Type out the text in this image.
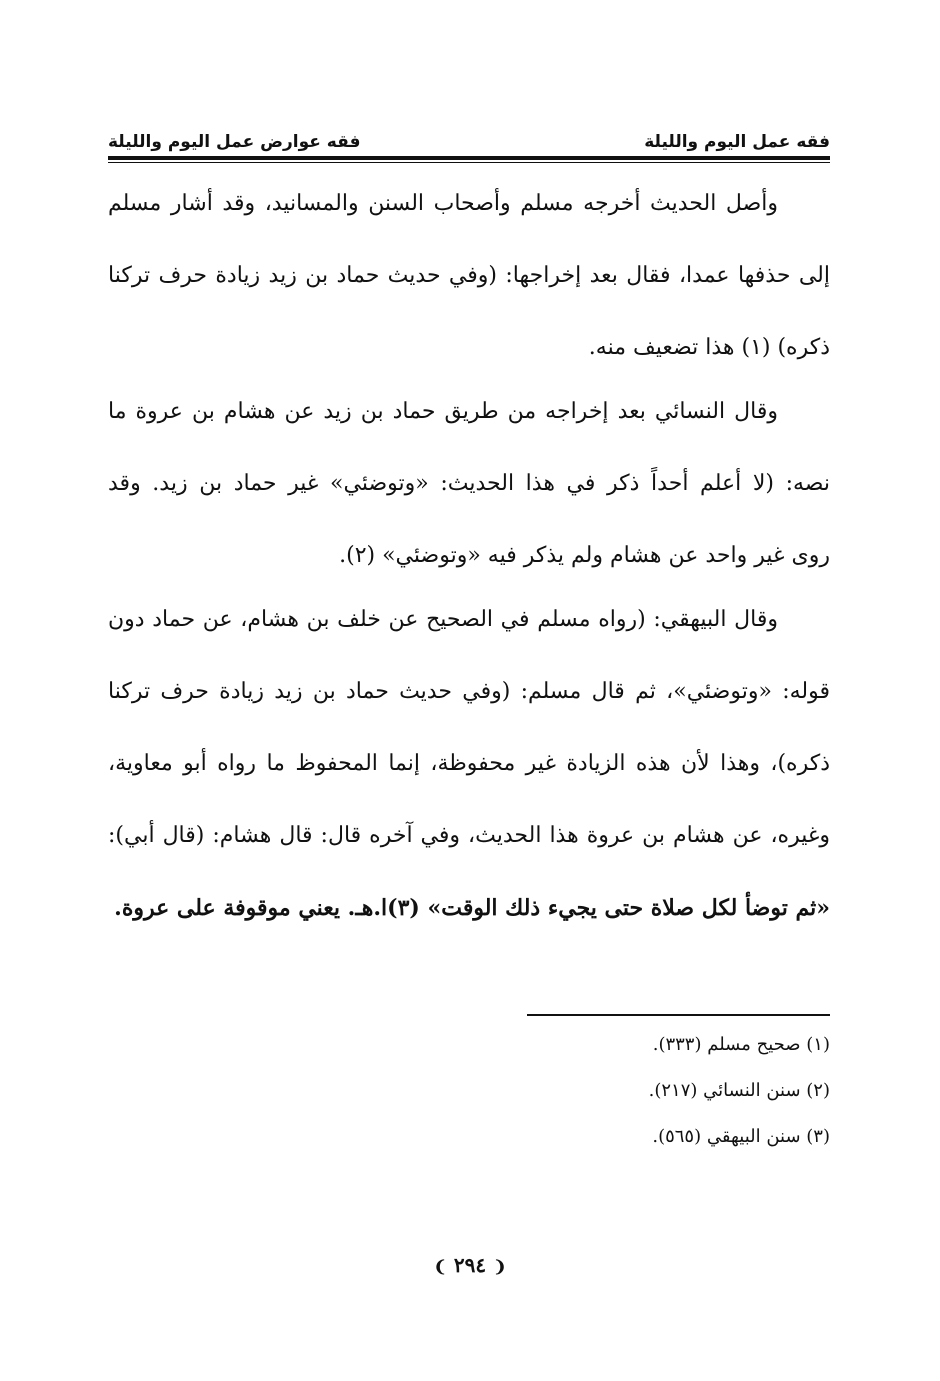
فقه عمل اليوم والليلة
فقه عوارض عمل اليوم والليلة
وأصل الحديث أخرجه مسلم وأصحاب السنن والمسانيد، وقد أشار مسلم
إلى حذفها عمدا، فقال بعد إخراجها: (وفي حديث حماد بن زيد زيادة حرف تركنا
ذكره) (١) هذا تضعيف منه.
وقال النسائي بعد إخراجه من طريق حماد بن زيد عن هشام بن عروة ما
نصه: (لا أعلم أحداً ذكر في هذا الحديث: «وتوضئي» غير حماد بن زيد. وقد
روى غير واحد عن هشام ولم يذكر فيه «وتوضئي» (٢).
وقال البيهقي: (رواه مسلم في الصحيح عن خلف بن هشام، عن حماد دون
قوله: «وتوضئي»، ثم قال مسلم: (وفي حديث حماد بن زيد زيادة حرف تركنا
ذكره)، وهذا لأن هذه الزيادة غير محفوظة، إنما المحفوظ ما رواه أبو معاوية،
وغيره، عن هشام بن عروة هذا الحديث، وفي آخره قال: قال هشام: (قال أبي):
«ثم توضأ لكل صلاة حتى يجيء ذلك الوقت» (٣)ا.هـ. يعني موقوفة على عروة.
(١) صحيح مسلم (٣٣٣).
(٢) سنن النسائي (٢١٧).
(٣) سنن البيهقي (٥٦٥).
❨ ٢٩٤ ❩
